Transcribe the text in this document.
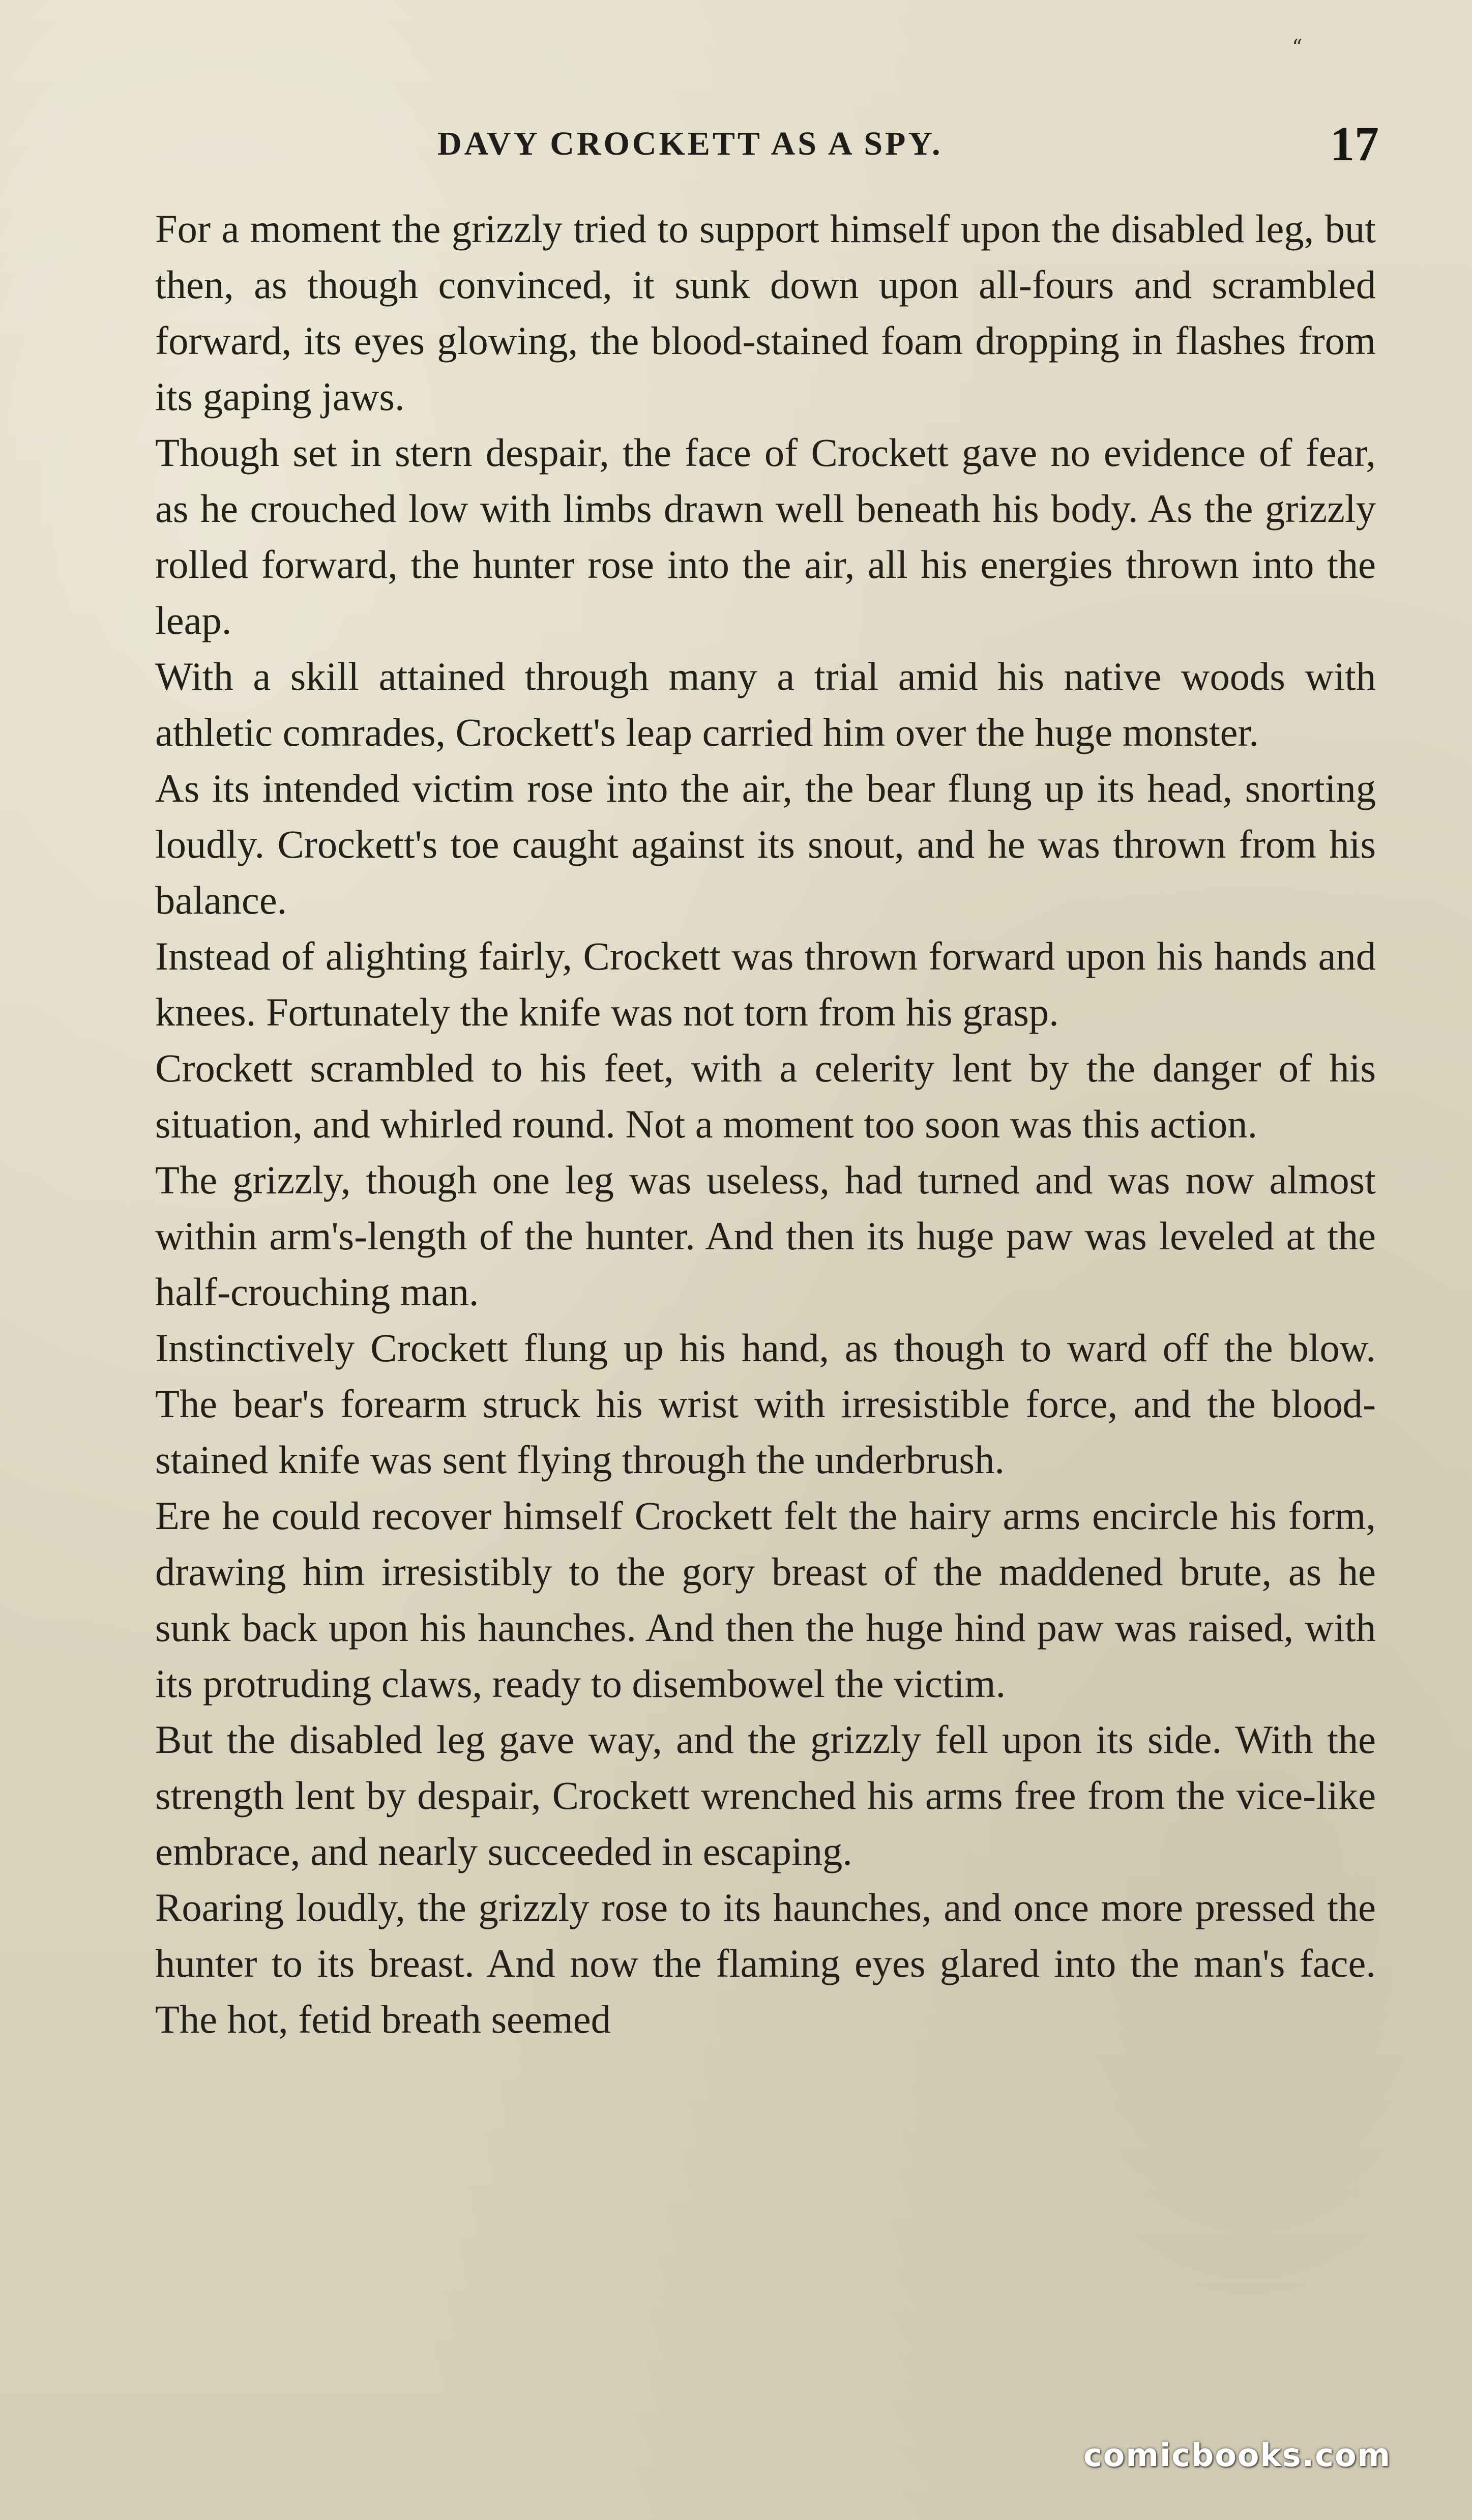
“
DAVY CROCKETT AS A SPY.	17

For a moment the grizzly tried to support himself upon the disabled leg, but then, as though convinced, it sunk down upon all-fours and scrambled forward, its eyes glowing, the blood-stained foam dropping in flashes from its gaping jaws.

Though set in stern despair, the face of Crockett gave no evidence of fear, as he crouched low with limbs drawn well beneath his body. As the grizzly rolled forward, the hunter rose into the air, all his energies thrown into the leap.

With a skill attained through many a trial amid his native woods with athletic comrades, Crockett's leap carried him over the huge monster.

As its intended victim rose into the air, the bear flung up its head, snorting loudly. Crockett's toe caught against its snout, and he was thrown from his balance.

Instead of alighting fairly, Crockett was thrown forward upon his hands and knees. Fortunately the knife was not torn from his grasp.

Crockett scrambled to his feet, with a celerity lent by the danger of his situation, and whirled round. Not a moment too soon was this action.

The grizzly, though one leg was useless, had turned and was now almost within arm's-length of the hunter. And then its huge paw was leveled at the half-crouching man.

Instinctively Crockett flung up his hand, as though to ward off the blow. The bear's forearm struck his wrist with irresistible force, and the blood-stained knife was sent flying through the underbrush.

Ere he could recover himself Crockett felt the hairy arms encircle his form, drawing him irresistibly to the gory breast of the maddened brute, as he sunk back upon his haunches. And then the huge hind paw was raised, with its protruding claws, ready to disembowel the victim.

But the disabled leg gave way, and the grizzly fell upon its side. With the strength lent by despair, Crockett wrenched his arms free from the vice-like embrace, and nearly succeeded in escaping.

Roaring loudly, the grizzly rose to its haunches, and once more pressed the hunter to its breast. And now the flaming eyes glared into the man's face. The hot, fetid breath seemed

comicbooks.com
